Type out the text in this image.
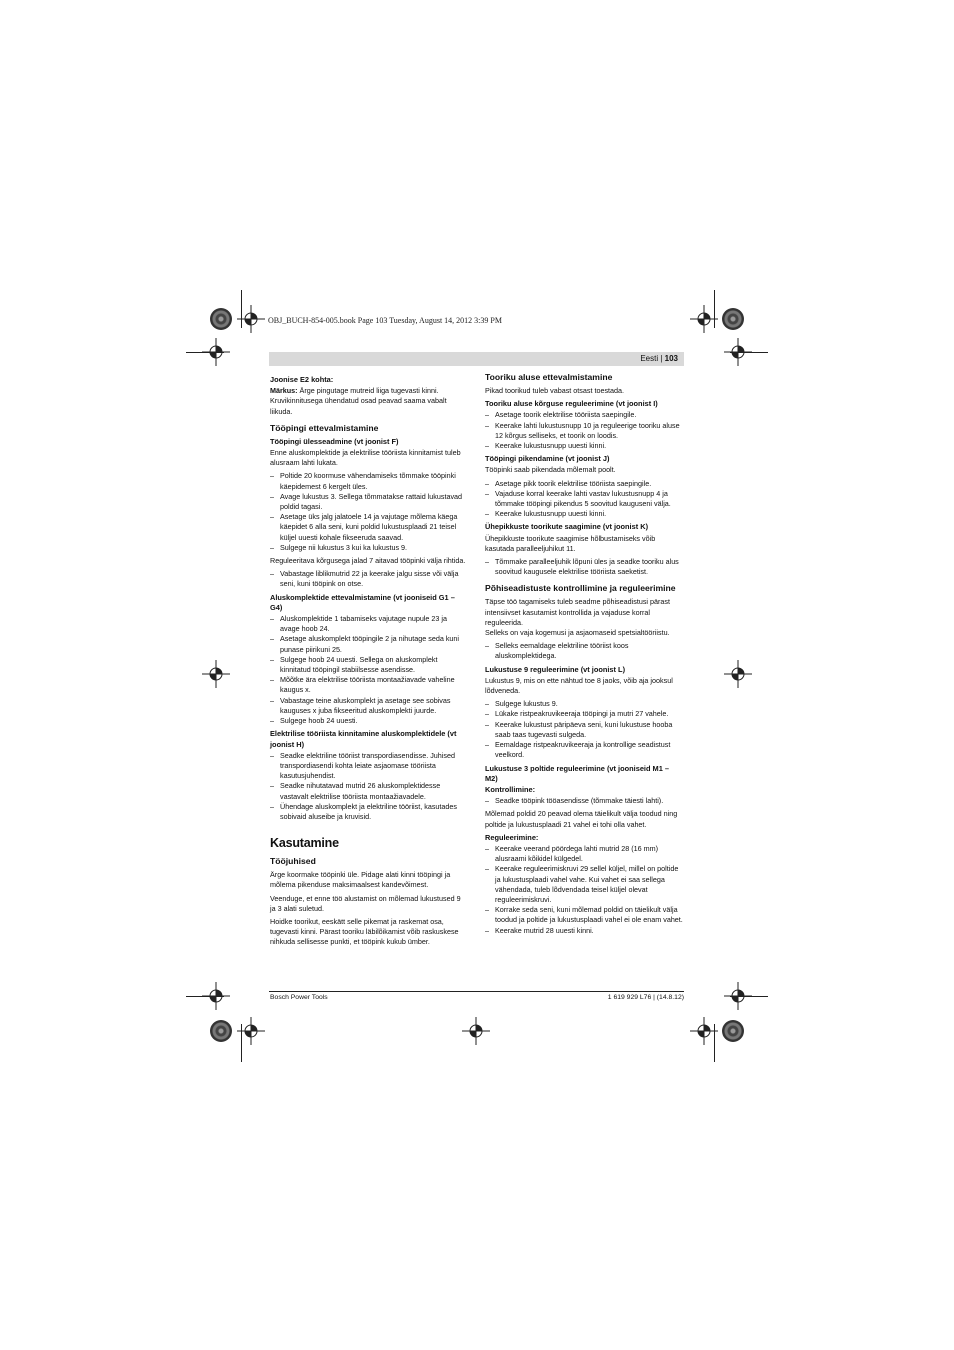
OBJ_BUCH-854-005.book Page 103 Tuesday, August 14, 2012 3:39 PM
Eesti | 103
Joonise E2 kohta:

Märkus: Ärge pingutage mutreid liiga tugevasti kinni. Kruvikinnitusega ühendatud osad peavad saama vabalt liikuda.

Tööpingi ettevalmistamine
Tööpingi ülesseadmine (vt joonist F)

Enne aluskomplektide ja elektrilise tööriista kinnitamist tuleb alusraam lahti lukata.

– Poltide 20 koormuse vähendamiseks tõmmake tööpinki käepidemest 6 kergelt üles.
– Avage lukustus 3. Sellega tõmmatakse rattaid lukustavad poldid tagasi.
– Asetage üks jalg jalatoele 14 ja vajutage mõlema käega käepidet 6 alla seni, kuni poldid lukustusplaadi 21 teisel küljel uuesti kohale fikseeruda saavad.
– Sulgege nii lukustus 3 kui ka lukustus 9.

Reguleeritava kõrgusega jalad 7 aitavad tööpinki välja rihtida.

– Vabastage liblikmutrid 22 ja keerake jalgu sisse või välja seni, kuni tööpink on otse.
Aluskomplektide ettevalmistamine (vt jooniseid G1 – G4)
– Aluskomplektide 1 tabamiseks vajutage nupule 23 ja avage hoob 24.
– Asetage aluskomplekt tööpingile 2 ja nihutage seda kuni punase piirikuni 25.
– Sulgege hoob 24 uuesti. Sellega on aluskomplekt kinnitatud tööpingil stabiilsesse asendisse.
– Mõõtke ära elektrilise tööriista montaažiavade vaheline kaugus x.
– Vabastage teine aluskomplekt ja asetage see sobivas kauguses x juba fikseeritud aluskomplekti juurde.
– Sulgege hoob 24 uuesti.
Elektrilise tööriista kinnitamine aluskomplektidele (vt joonist H)
– Seadke elektriline tööriist transpordiasendisse. Juhised transpordiasendi kohta leiate asjaomase tööriista kasutusjuhendist.
– Seadke nihutatavad mutrid 26 aluskomplektidesse vastavalt elektrilise tööriista montaažiavadele.
– Ühendage aluskomplekt ja elektriline tööriist, kasutades sobivaid aluseibe ja kruvisid.
Kasutamine
Tööjuhised

Ärge koormake tööpinki üle. Pidage alati kinni tööpingi ja mõlema pikenduse maksimaalsest kandevõimest.

Veenduge, et enne töö alustamist on mõlemad lukustused 9 ja 3 alati suletud.

Hoidke toorikut, eeskätt selle pikemat ja raskemat osa, tugevasti kinni. Pärast tooriku läbilõikamist võib raskuskese nihkuda sellisesse punkti, et tööpink kukub ümber.

Tooriku aluse ettevalmistamine

Pikad toorikud tuleb vabast otsast toestada.

Tooriku aluse kõrguse reguleerimine (vt joonist I)
– Asetage toorik elektrilise tööriista saepingile.
– Keerake lahti lukustusnupp 10 ja reguleerige tooriku aluse 12 kõrgus selliseks, et toorik on loodis.
– Keerake lukustusnupp uuesti kinni.
Tööpingi pikendamine (vt joonist J)

Tööpinki saab pikendada mõlemalt poolt.

– Asetage pikk toorik elektrilise tööriista saepingile.
– Vajaduse korral keerake lahti vastav lukustusnupp 4 ja tõmmake tööpingi pikendus 5 soovitud kauguseni välja.
– Keerake lukustusnupp uuesti kinni.
Ühepikkuste toorikute saagimine (vt joonist K)

Ühepikkuste toorikute saagimise hõlbustamiseks võib kasutada paralleeljuhikut 11.

– Tõmmake paralleeljuhik lõpuni üles ja seadke tooriku alus soovitud kaugusele elektrilise tööriista saeketist.
Põhiseadistuste kontrollimine ja reguleerimine

Täpse töö tagamiseks tuleb seadme põhiseadistusi pärast intensiivset kasutamist kontrollida ja vajaduse korral reguleerida.

Selleks on vaja kogemusi ja asjaomaseid spetsialtööriistu.

– Selleks eemaldage elektriline tööriist koos aluskomplektidega.
Lukustuse 9 reguleerimine (vt joonist L)

Lukustus 9, mis on ette nähtud toe 8 jaoks, võib aja jooksul lõdveneda.

– Sulgege lukustus 9.
– Lükake ristpeakruvikeeraja tööpingi ja mutri 27 vahele.
– Keerake lukustust päripäeva seni, kuni lukustuse hooba saab taas tugevasti sulgeda.
– Eemaldage ristpeakruvikeeraja ja kontrollige seadistust veelkord.
Lukustuse 3 poltide reguleerimine (vt jooniseid M1 – M2)
Kontrollimine:
– Seadke tööpink tööasendisse (tõmmake täiesti lahti).

Mõlemad poldid 20 peavad olema täielikult välja toodud ning poltide ja lukustusplaadi 21 vahel ei tohi olla vahet.

Reguleerimine:
– Keerake veerand pöördega lahti mutrid 28 (16 mm) alusraami kõikidel külgedel.
– Keerake reguleerimiskruvi 29 sellel küljel, millel on poltide ja lukustusplaadi vahel vahe. Kui vahet ei saa sellega vähendada, tuleb lõdvendada teisel küljel olevat reguleerimiskruvi.
– Korrake seda seni, kuni mõlemad poldid on täielikult välja toodud ja poltide ja lukustusplaadi vahel ei ole enam vahet.
– Keerake mutrid 28 uuesti kinni.
Bosch Power Tools	1 619 929 L76 | (14.8.12)
